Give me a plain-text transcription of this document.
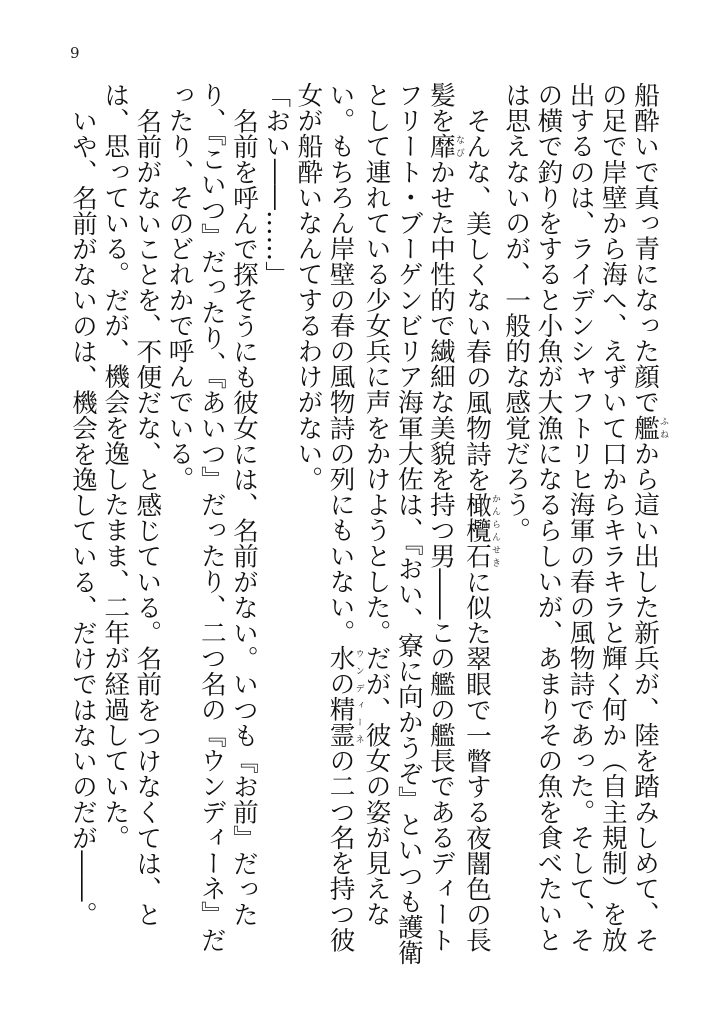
9

船酔いで真っ青になった顔で艦ふねから這い出した新兵が、陸を踏みしめて、その足で岸壁から海へ、えずいて口からキラキラと輝く何か（自主規制）を放出するのは、ライデンシャフトリヒ海軍の春の風物詩であった。そして、その横で釣りをすると小魚が大漁になるらしいが、あまりその魚を食べたいとは思えないのが、一般的な感覚だろう。

そんな、美しくない春の風物詩を橄欖石かんらんせきに似た翠眼で一瞥する夜闇色の長髪を靡なびかせた中性的で繊細な美貌を持つ男――この艦の艦長であるディートフリート・ブーゲンビリア海軍大佐は、『おい、寮に向かうぞ』といつも護衛として連れている少女兵に声をかけようとした。だが、彼女の姿が見えない。もちろん岸壁の春の風物詩の列にもいない。水の精霊ウンディーネの二つ名を持つ彼女が船酔いなんてするわけがない。

「おい――……」

名前を呼んで探そうにも彼女には、名前がない。いつも『お前』だったり、『こいつ』だったり、『あいつ』だったり、二つ名の『ウンディーネ』だったり、そのどれかで呼んでいる。

名前がないことを、不便だな、と感じている。名前をつけなくては、とは、思っている。だが、機会を逸したまま、二年が経過していた。

いや、名前がないのは、機会を逸している、だけではないのだが――。
